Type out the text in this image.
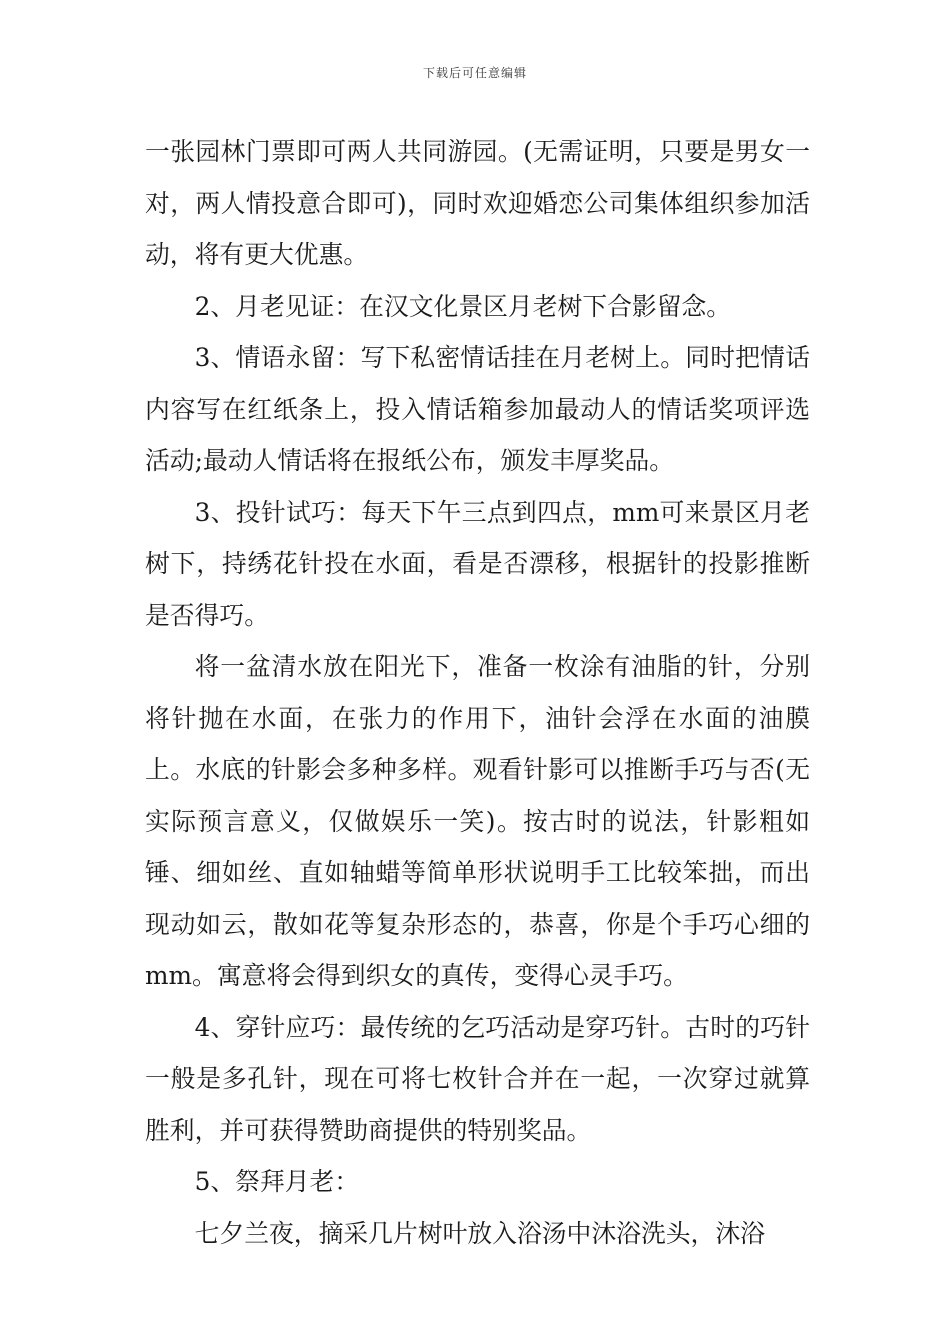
下载后可任意编辑

一张园林门票即可两人共同游园。(无需证明，只要是男女一对，两人情投意合即可)，同时欢迎婚恋公司集体组织参加活动，将有更大优惠。

2、月老见证：在汉文化景区月老树下合影留念。

3、情语永留：写下私密情话挂在月老树上。同时把情话内容写在红纸条上，投入情话箱参加最动人的情话奖项评选活动;最动人情话将在报纸公布，颁发丰厚奖品。

3、投针试巧：每天下午三点到四点，mm可来景区月老树下，持绣花针投在水面，看是否漂移，根据针的投影推断是否得巧。

将一盆清水放在阳光下，准备一枚涂有油脂的针，分别将针抛在水面，在张力的作用下，油针会浮在水面的油膜上。水底的针影会多种多样。观看针影可以推断手巧与否(无实际预言意义，仅做娱乐一笑)。按古时的说法，针影粗如锤、细如丝、直如轴蜡等简单形状说明手工比较笨拙，而出现动如云，散如花等复杂形态的，恭喜，你是个手巧心细的mm。寓意将会得到织女的真传，变得心灵手巧。

4、穿针应巧：最传统的乞巧活动是穿巧针。古时的巧针一般是多孔针，现在可将七枚针合并在一起，一次穿过就算胜利，并可获得赞助商提供的特别奖品。

5、祭拜月老：

七夕兰夜，摘采几片树叶放入浴汤中沐浴洗头，沐浴
